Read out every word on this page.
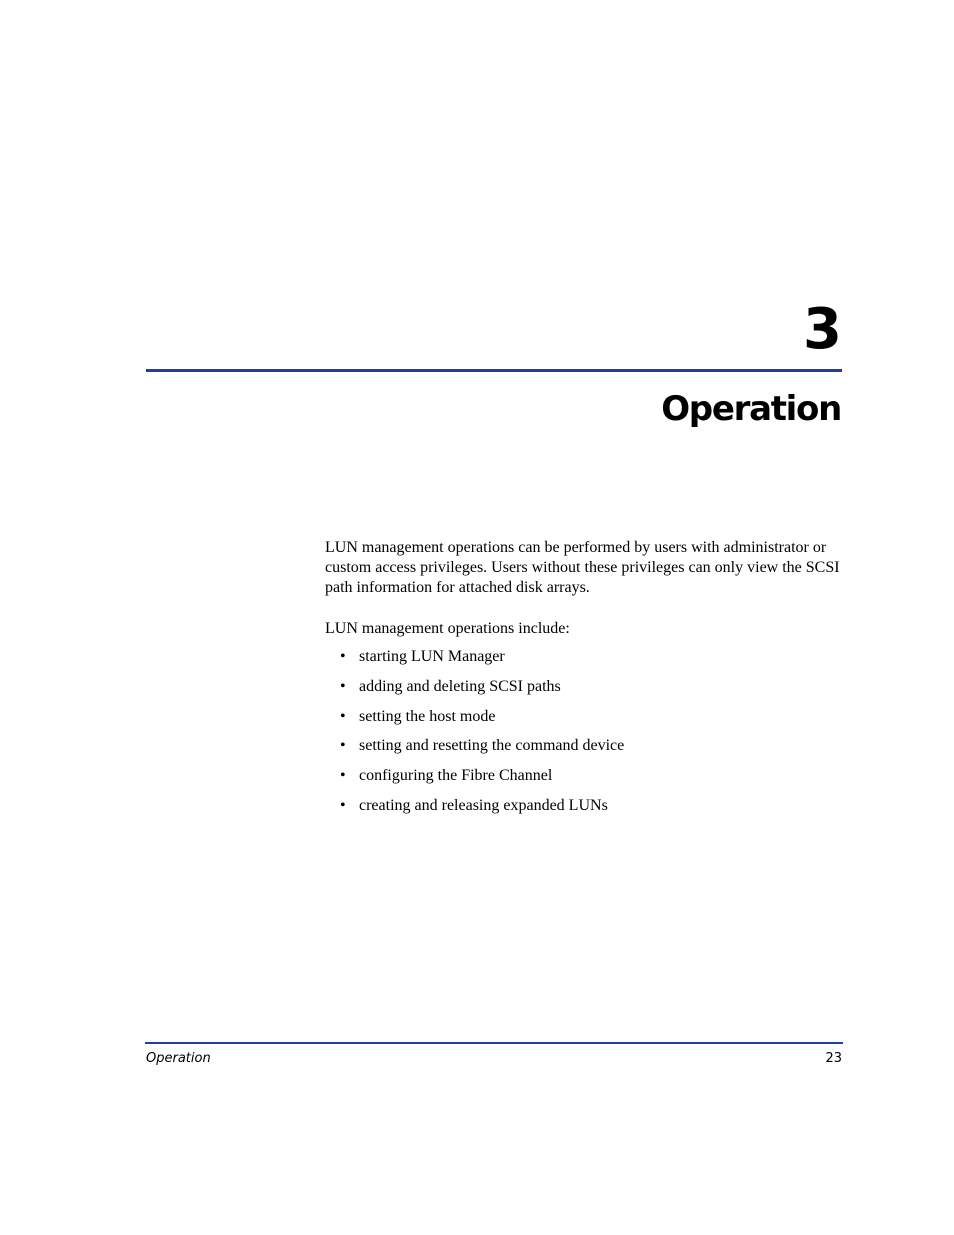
3
Operation

LUN management operations can be performed by users with administrator or custom access privileges. Users without these privileges can only view the SCSI path information for attached disk arrays.

LUN management operations include:

• starting LUN Manager
• adding and deleting SCSI paths
• setting the host mode
• setting and resetting the command device
• configuring the Fibre Channel
• creating and releasing expanded LUNs
Operation	23
